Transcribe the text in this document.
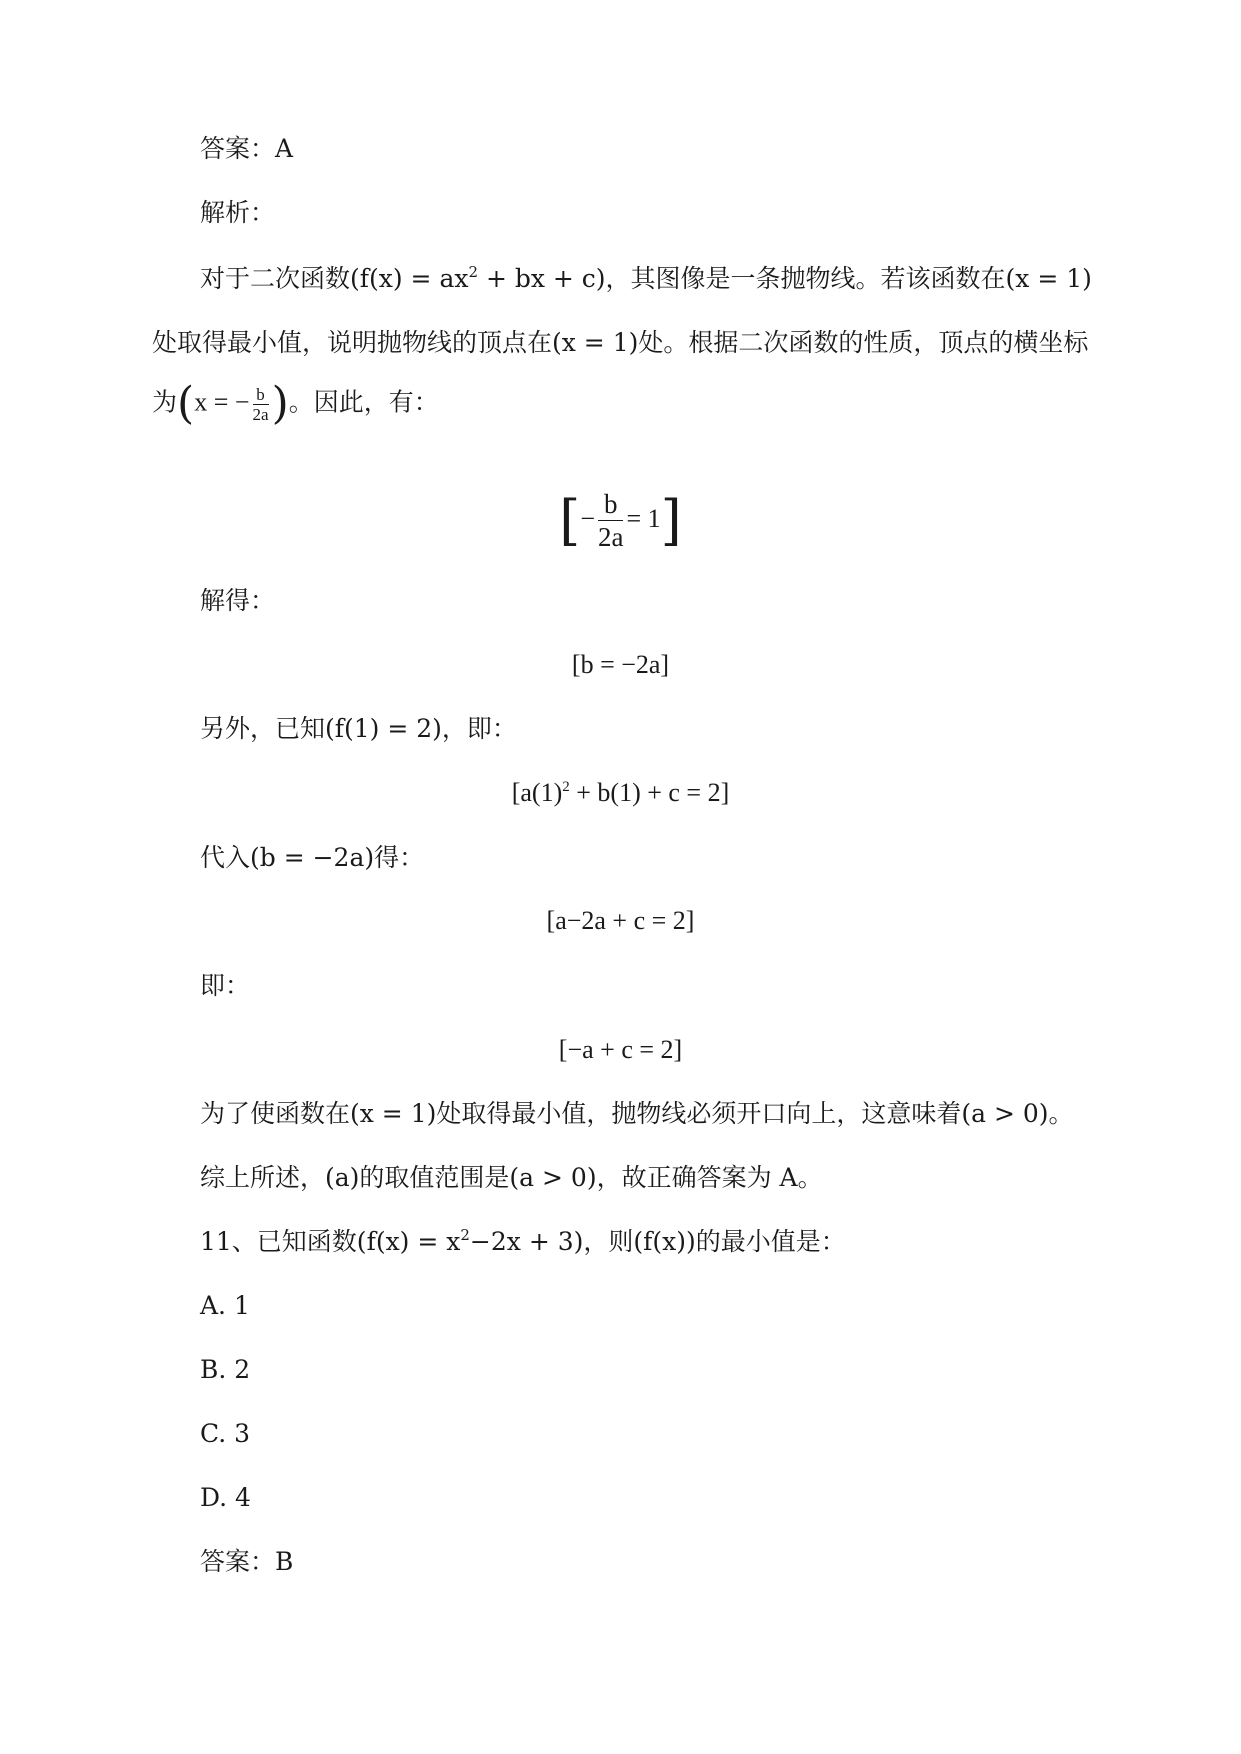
答案：A
解析：
对于二次函数($f(x) = ax^2$ + bx + c)，其图像是一条抛物线。若该函数在(x = 1)
处取得最小值，说明抛物线的顶点在(x = 1)处。根据二次函数的性质，顶点的横坐标
为(x = − $\frac{b}{2a}$ )。因此，有：
[− $\frac{b}{2a} = 1$]
解得：
[b = −2a]
另外，已知(f(1) = 2)，即：
$[a(1)^2 + b(1) + c = 2]$
代入(b = −2a)得：
[a−2a + c = 2]
即：
[−a + c = 2]
为了使函数在(x = 1)处取得最小值，抛物线必须开口向上，这意味着(a > 0)。
综上所述，(a)的取值范围是(a > 0)，故正确答案为 A。
11、已知函数$(f(x) = x^2-2x + 3)$，则(f(x))的最小值是：
A. 1
B. 2
C. 3
D. 4
答案：B
